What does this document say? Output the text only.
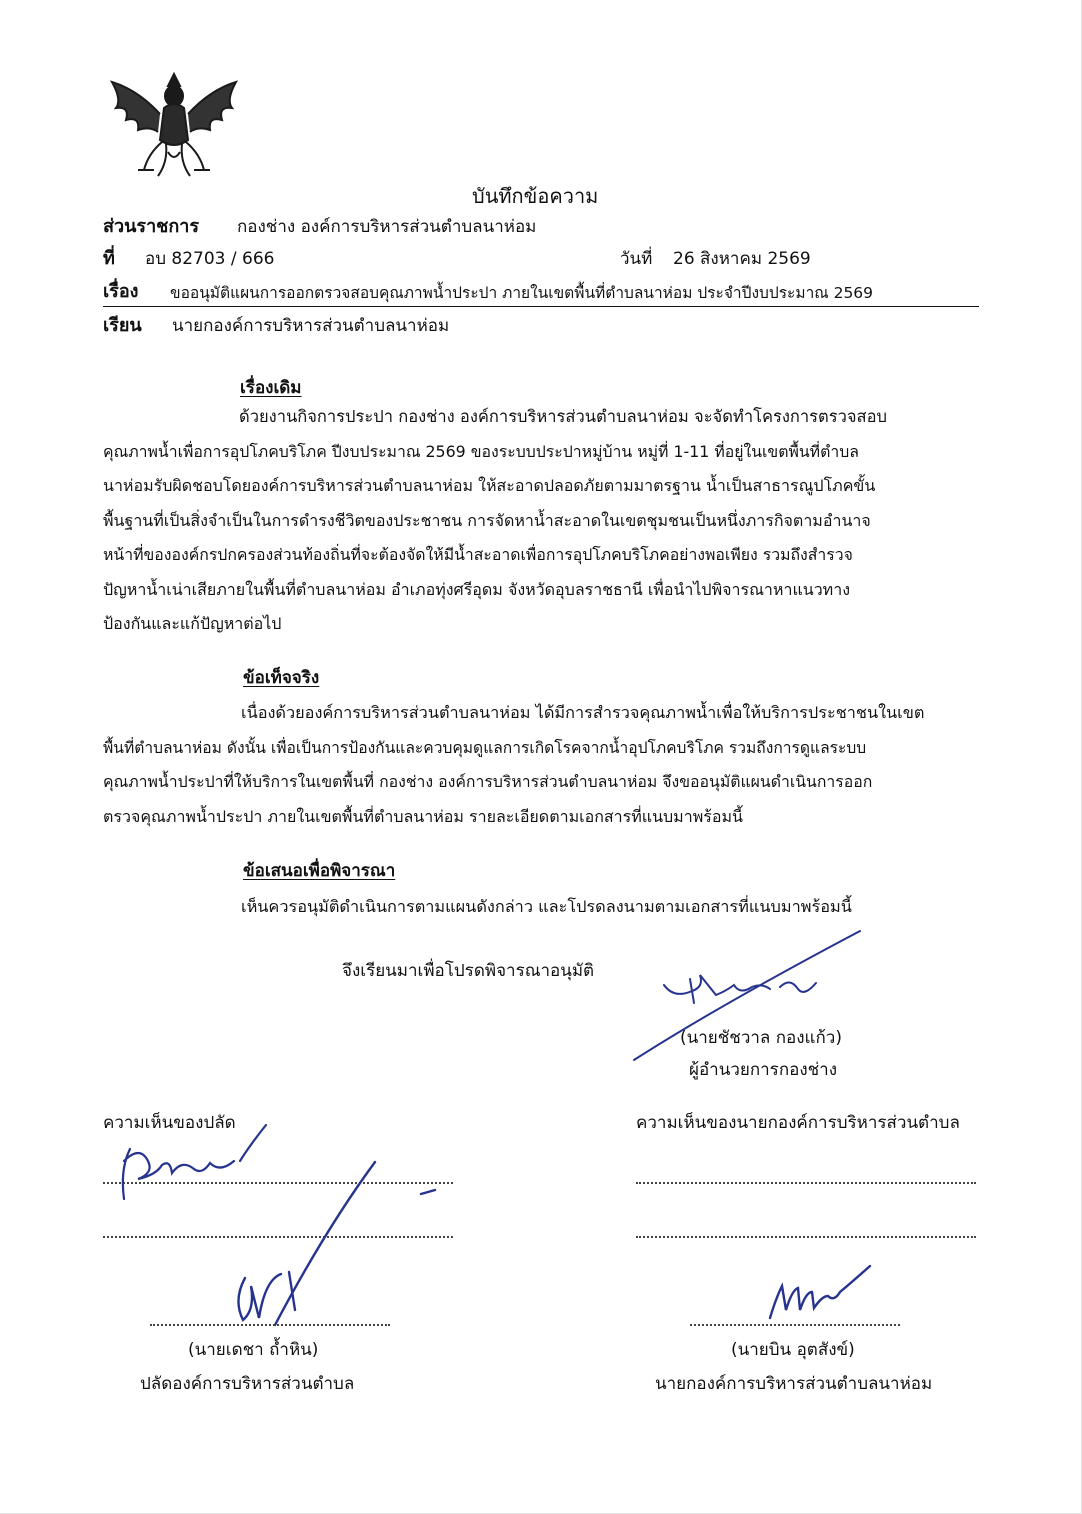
บันทึกข้อความ
ส่วนราชการ กองช่าง องค์การบริหารส่วนตำบลนาห่อม
ที่ อบ 82703 / 666	วันที่ 26 สิงหาคม 2569
เรื่อง ขออนุมัติแผนการออกตรวจสอบคุณภาพน้ำประปา ภายในเขตพื้นที่ตำบลนาห่อม ประจำปีงบประมาณ 2569
เรียน นายกองค์การบริหารส่วนตำบลนาห่อม
เรื่องเดิม
ด้วยงานกิจการประปา กองช่าง องค์การบริหารส่วนตำบลนาห่อม จะจัดทำโครงการตรวจสอบ
คุณภาพน้ำเพื่อการอุปโภคบริโภค ปีงบประมาณ 2569 ของระบบประปาหมู่บ้าน หมู่ที่ 1-11 ที่อยู่ในเขตพื้นที่ตำบล
นาห่อมรับผิดชอบโดยองค์การบริหารส่วนตำบลนาห่อม ให้สะอาดปลอดภัยตามมาตรฐาน น้ำเป็นสาธารณูปโภคขั้น
พื้นฐานที่เป็นสิ่งจำเป็นในการดำรงชีวิตของประชาชน การจัดหาน้ำสะอาดในเขตชุมชนเป็นหนึ่งภารกิจตามอำนาจ
หน้าที่ขององค์กรปกครองส่วนท้องถิ่นที่จะต้องจัดให้มีน้ำสะอาดเพื่อการอุปโภคบริโภคอย่างพอเพียง รวมถึงสำรวจ
ปัญหาน้ำเน่าเสียภายในพื้นที่ตำบลนาห่อม อำเภอทุ่งศรีอุดม จังหวัดอุบลราชธานี เพื่อนำไปพิจารณาหาแนวทาง
ป้องกันและแก้ปัญหาต่อไป
ข้อเท็จจริง
เนื่องด้วยองค์การบริหารส่วนตำบลนาห่อม ได้มีการสำรวจคุณภาพน้ำเพื่อให้บริการประชาชนในเขต
พื้นที่ตำบลนาห่อม ดังนั้น เพื่อเป็นการป้องกันและควบคุมดูแลการเกิดโรคจากน้ำอุปโภคบริโภค รวมถึงการดูแลระบบ
คุณภาพน้ำประปาที่ให้บริการในเขตพื้นที่ กองช่าง องค์การบริหารส่วนตำบลนาห่อม จึงขออนุมัติแผนดำเนินการออก
ตรวจคุณภาพน้ำประปา ภายในเขตพื้นที่ตำบลนาห่อม รายละเอียดตามเอกสารที่แนบมาพร้อมนี้
ข้อเสนอเพื่อพิจารณา
เห็นควรอนุมัติดำเนินการตามแผนดังกล่าว และโปรดลงนามตามเอกสารที่แนบมาพร้อมนี้
จึงเรียนมาเพื่อโปรดพิจารณาอนุมัติ
(นายชัชวาล กองแก้ว)
ผู้อำนวยการกองช่าง
ความเห็นของปลัด
(นายเดชา ถ้ำหิน)
ปลัดองค์การบริหารส่วนตำบล
ความเห็นของนายกองค์การบริหารส่วนตำบล
(นายบิน อุตสังข์)
นายกองค์การบริหารส่วนตำบลนาห่อม
